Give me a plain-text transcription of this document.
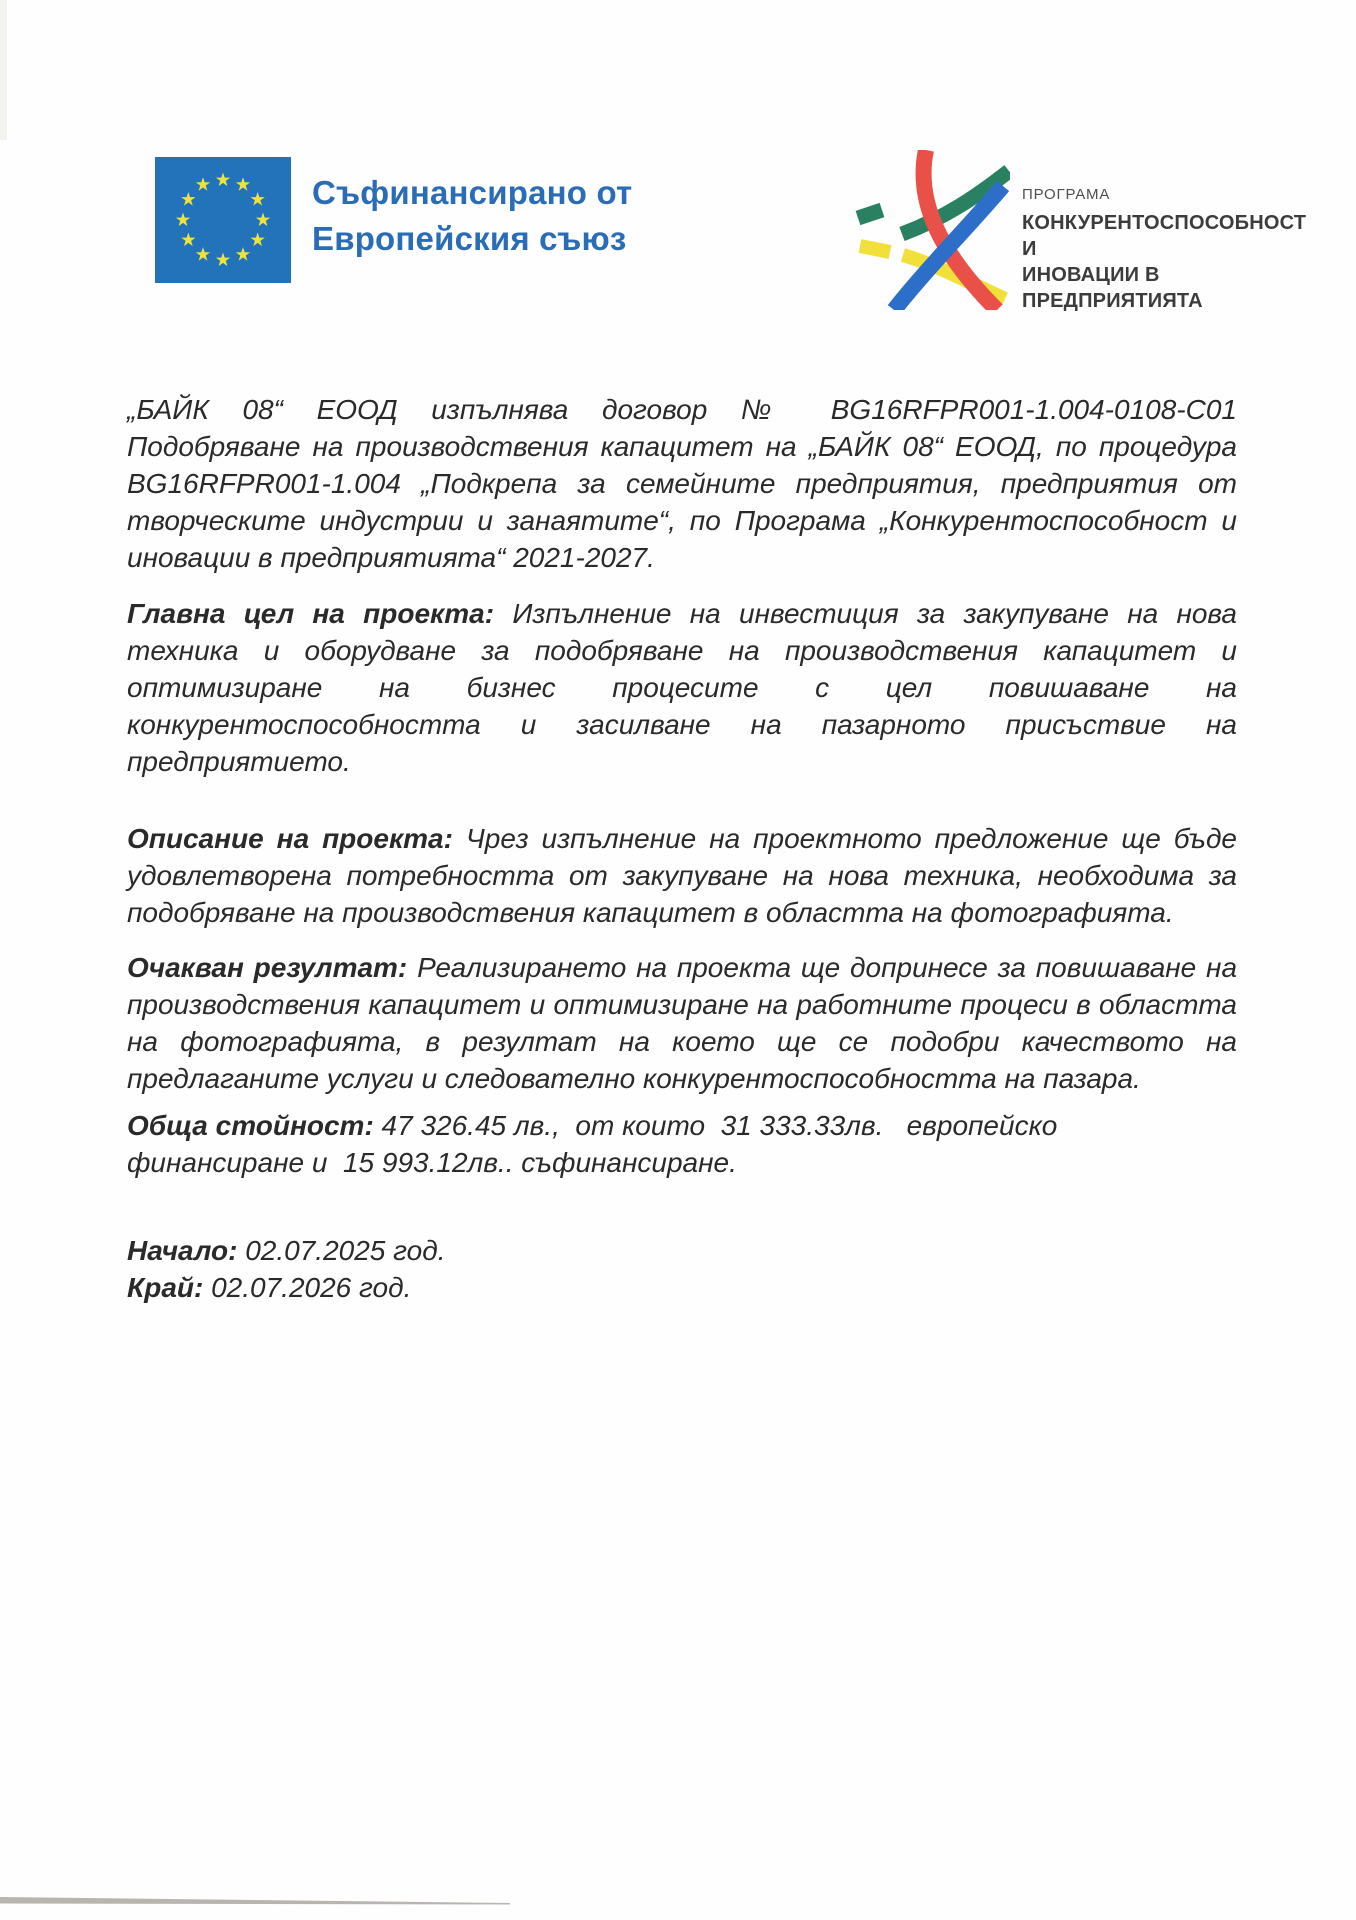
Съфинансирано от
Европейския съюз
ПРОГРАМА
КОНКУРЕНТОСПОСОБНОСТ И
ИНОВАЦИИ В ПРЕДПРИЯТИЯТА

„БАЙК 08“ ЕООД изпълнява договор № BG16RFPR001-1.004-0108-C01 Подобряване на производствения капацитет на „БАЙК 08“ ЕООД, по процедура BG16RFPR001-1.004 „Подкрепа за семейните предприятия, предприятия от творческите индустрии и занаятите“, по Програма „Конкурентоспособност и иновации в предприятията“ 2021-2027.

Главна цел на проекта: Изпълнение на инвестиция за закупуване на нова техника и оборудване за подобряване на производствения капацитет и оптимизиране на бизнес процесите с цел повишаване на конкурентоспособността и засилване на пазарното присъствие на предприятието.

Описание на проекта: Чрез изпълнение на проектното предложение ще бъде удовлетворена потребността от закупуване на нова техника, необходима за подобряване на производствения капацитет в областта на фотографията.

Очакван резултат: Реализирането на проекта ще допринесе за повишаване на производствения капацитет и оптимизиране на работните процеси в областта на фотографията, в резултат на което ще се подобри качеството на предлаганите услуги и следователно конкурентоспособността на пазара.

Обща стойност: 47 326.45 лв.,  от които  31 333.33лв.   европейско финансиране и  15 993.12лв.. съфинансиране.

Начало: 02.07.2025 год.
Край: 02.07.2026 год.
